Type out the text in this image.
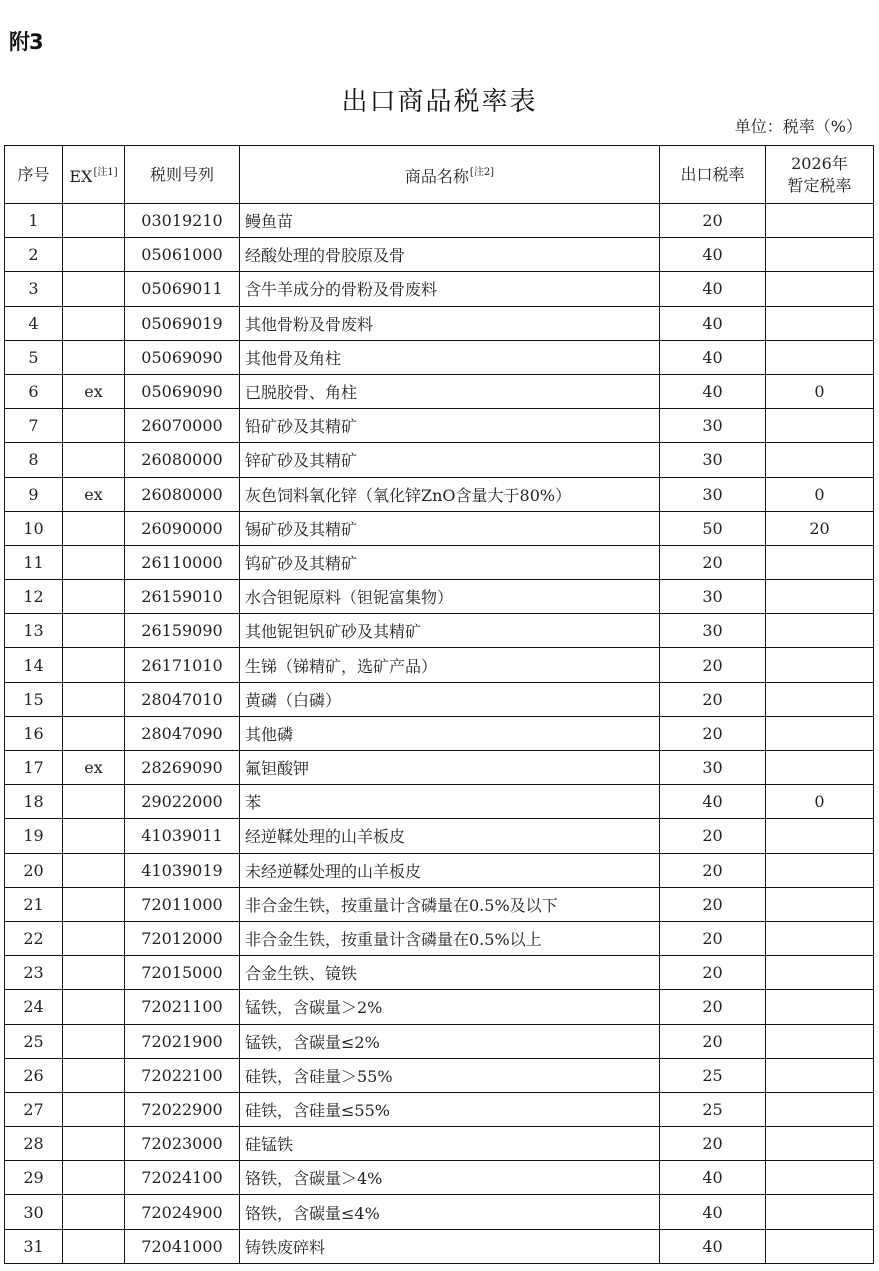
附3
出口商品税率表
单位：税率（%）
序号	EX[注1]	税则号列	商品名称[注2]	出口税率	2026年
暂定税率

1		03019210	鳗鱼苗	20	
2		05061000	经酸处理的骨胶原及骨	40	
3		05069011	含牛羊成分的骨粉及骨废料	40	
4		05069019	其他骨粉及骨废料	40	
5		05069090	其他骨及角柱	40	
6	ex	05069090	已脱胶骨、角柱	40	0
7		26070000	铅矿砂及其精矿	30	
8		26080000	锌矿砂及其精矿	30	
9	ex	26080000	灰色饲料氧化锌（氧化锌ZnO含量大于80%）	30	0
10		26090000	锡矿砂及其精矿	50	20
11		26110000	钨矿砂及其精矿	20	
12		26159010	水合钽铌原料（钽铌富集物）	30	
13		26159090	其他铌钽钒矿砂及其精矿	30	
14		26171010	生锑（锑精矿，选矿产品）	20	
15		28047010	黄磷（白磷）	20	
16		28047090	其他磷	20	
17	ex	28269090	氟钽酸钾	30	
18		29022000	苯	40	0
19		41039011	经逆鞣处理的山羊板皮	20	
20		41039019	未经逆鞣处理的山羊板皮	20	
21		72011000	非合金生铁，按重量计含磷量在0.5%及以下	20	
22		72012000	非合金生铁，按重量计含磷量在0.5%以上	20	
23		72015000	合金生铁、镜铁	20	
24		72021100	锰铁，含碳量＞2%	20	
25		72021900	锰铁，含碳量≤2%	20	
26		72022100	硅铁，含硅量＞55%	25	
27		72022900	硅铁，含硅量≤55%	25	
28		72023000	硅锰铁	20	
29		72024100	铬铁，含碳量＞4%	40	
30		72024900	铬铁，含碳量≤4%	40	
31		72041000	铸铁废碎料	40	
